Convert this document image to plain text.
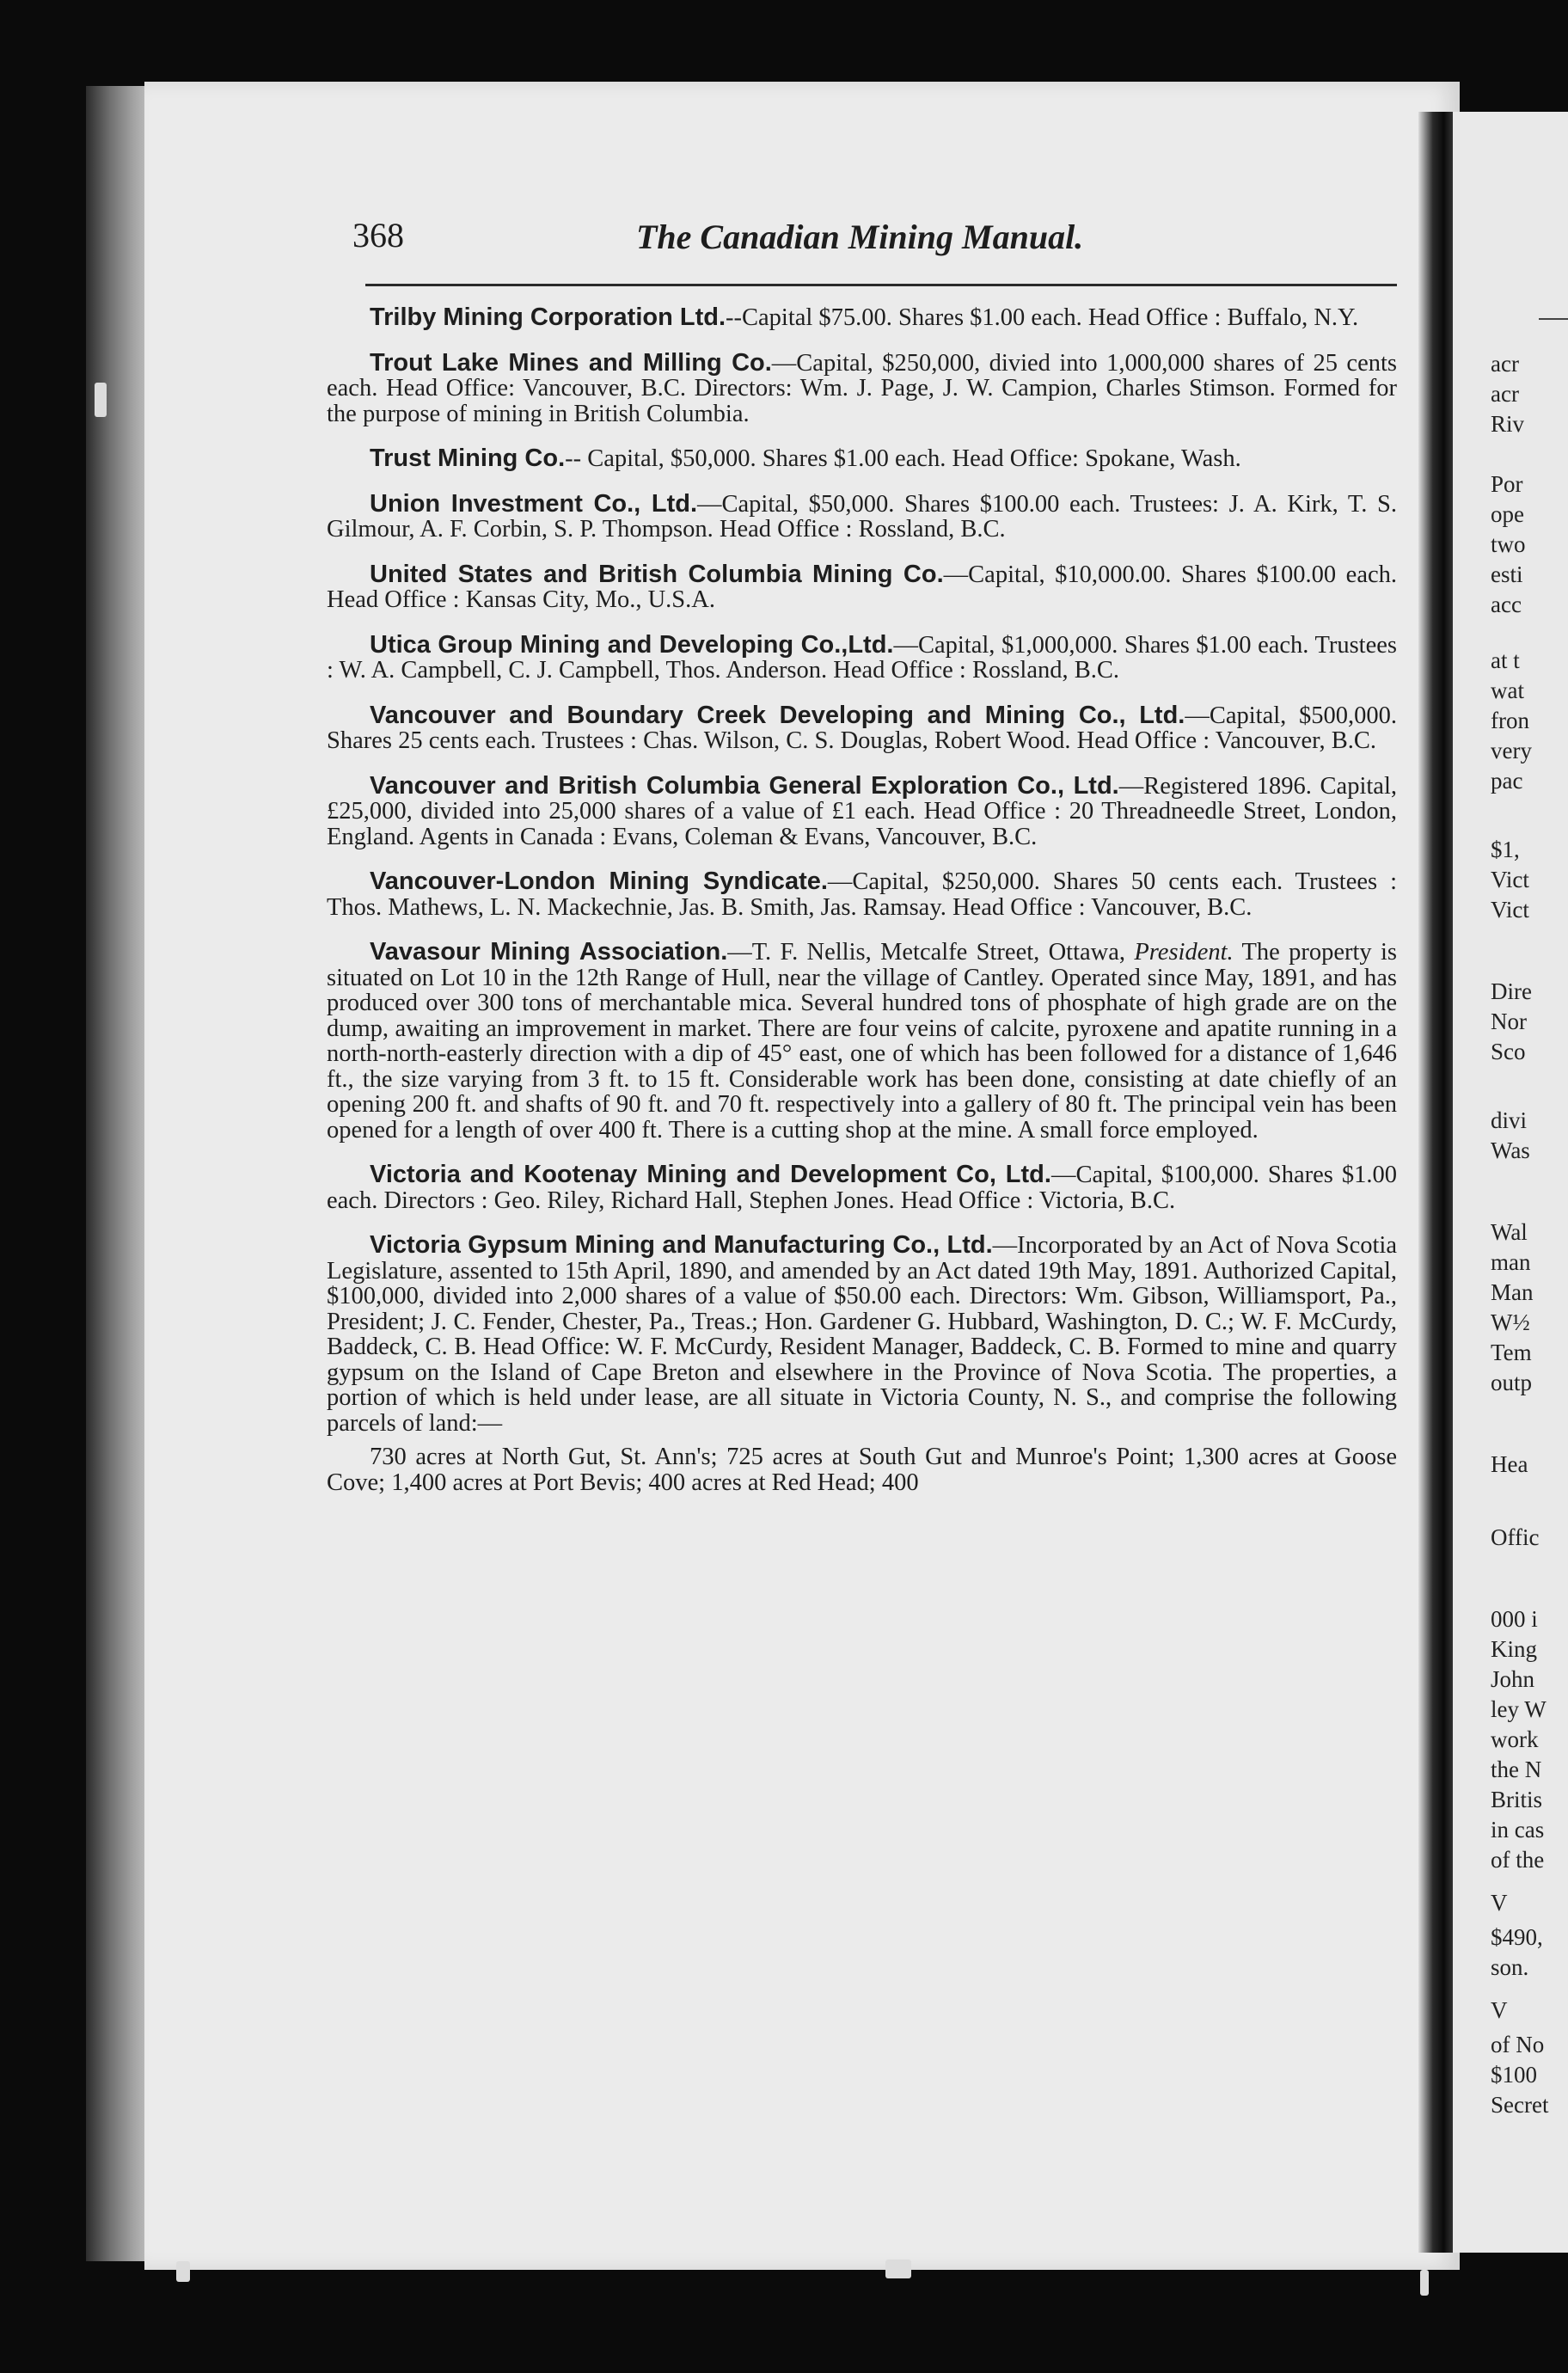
acr
acr
Riv
Por
ope
two
esti
acc
at t
wat
fron
very
pac
$1,
Vict
Vict
Dire
Nor
Sco
divi
Was
Wal
man
Man
W½
Tem
outp
Hea
Offic
000 i
King
John
ley W
work
the N
Britis
in cas
of the
V
$490,
son.
V
of No
$100
Secret
368	The Canadian Mining Manual.

Trilby Mining Corporation Ltd.--Capital $75.00. Shares $1.00 each. Head Office : Buffalo, N.Y.

Trout Lake Mines and Milling Co.—Capital, $250,000, divied into 1,000,000 shares of 25 cents each. Head Office: Vancouver, B.C. Directors: Wm. J. Page, J. W. Campion, Charles Stimson. Formed for the purpose of mining in British Columbia.

Trust Mining Co.-- Capital, $50,000. Shares $1.00 each. Head Office: Spokane, Wash.

Union Investment Co., Ltd.—Capital, $50,000. Shares $100.00 each. Trustees: J. A. Kirk, T. S. Gilmour, A. F. Corbin, S. P. Thompson. Head Office : Rossland, B.C.

United States and British Columbia Mining Co.—Capital, $10,000.00. Shares $100.00 each. Head Office : Kansas City, Mo., U.S.A.

Utica Group Mining and Developing Co.,Ltd.—Capital, $1,000,000. Shares $1.00 each. Trustees : W. A. Campbell, C. J. Campbell, Thos. Anderson. Head Office : Rossland, B.C.

Vancouver and Boundary Creek Developing and Mining Co., Ltd.—Capital, $500,000. Shares 25 cents each. Trustees : Chas. Wilson, C. S. Douglas, Robert Wood. Head Office : Vancouver, B.C.

Vancouver and British Columbia General Exploration Co., Ltd.—Registered 1896. Capital, £25,000, divided into 25,000 shares of a value of £1 each. Head Office : 20 Threadneedle Street, London, England. Agents in Canada : Evans, Coleman & Evans, Vancouver, B.C.

Vancouver-London Mining Syndicate.—Capital, $250,000. Shares 50 cents each. Trustees : Thos. Mathews, L. N. Mackechnie, Jas. B. Smith, Jas. Ramsay. Head Office : Vancouver, B.C.

Vavasour Mining Association.—T. F. Nellis, Metcalfe Street, Ottawa, President. The property is situated on Lot 10 in the 12th Range of Hull, near the village of Cantley. Operated since May, 1891, and has produced over 300 tons of merchantable mica. Several hundred tons of phosphate of high grade are on the dump, awaiting an improvement in market. There are four veins of calcite, pyroxene and apatite running in a north-north-easterly direction with a dip of 45° east, one of which has been followed for a distance of 1,646 ft., the size varying from 3 ft. to 15 ft. Considerable work has been done, consisting at date chiefly of an opening 200 ft. and shafts of 90 ft. and 70 ft. respectively into a gallery of 80 ft. The principal vein has been opened for a length of over 400 ft. There is a cutting shop at the mine. A small force employed.

Victoria and Kootenay Mining and Development Co, Ltd.—Capital, $100,000. Shares $1.00 each. Directors : Geo. Riley, Richard Hall, Stephen Jones. Head Office : Victoria, B.C.

Victoria Gypsum Mining and Manufacturing Co., Ltd.—Incorporated by an Act of Nova Scotia Legislature, assented to 15th April, 1890, and amended by an Act dated 19th May, 1891. Authorized Capital, $100,000, divided into 2,000 shares of a value of $50.00 each. Directors: Wm. Gibson, Williamsport, Pa., President; J. C. Fender, Chester, Pa., Treas.; Hon. Gardener G. Hubbard, Washington, D. C.; W. F. McCurdy, Baddeck, C. B. Head Office: W. F. McCurdy, Resident Manager, Baddeck, C. B. Formed to mine and quarry gypsum on the Island of Cape Breton and elsewhere in the Province of Nova Scotia. The properties, a portion of which is held under lease, are all situate in Victoria County, N. S., and comprise the following parcels of land:—

730 acres at North Gut, St. Ann's; 725 acres at South Gut and Munroe's Point; 1,300 acres at Goose Cove; 1,400 acres at Port Bevis; 400 acres at Red Head; 400
